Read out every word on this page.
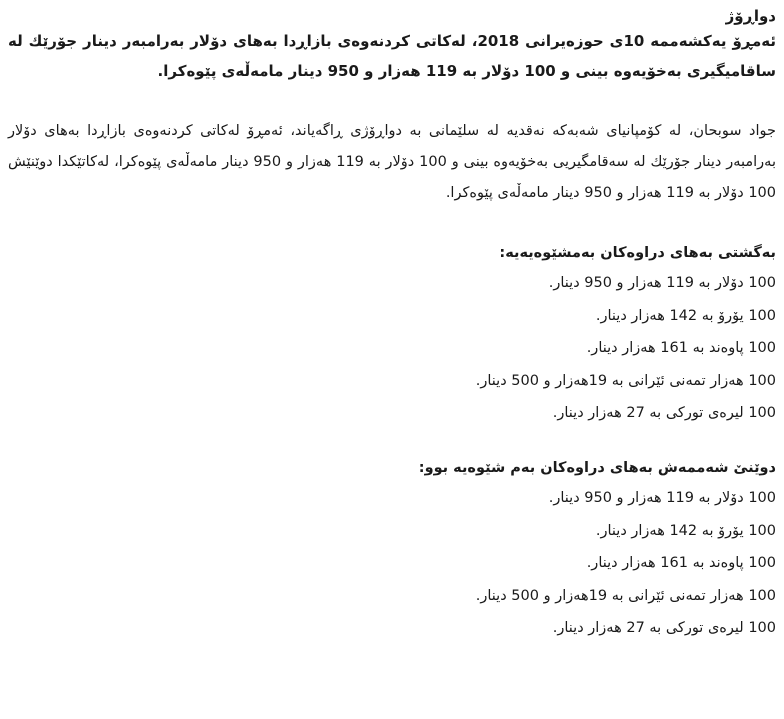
دواڕۆژ

ئەمڕۆ یەکشەممە 10ی حوزەیرانی 2018، لەکاتی کردنەوەی بازاڕدا بەهای دۆلار بەرامبەر دینار جۆرێك لە ساقامیگیری بەخۆیەوە بینی و 100 دۆلار بە 119 هەزار و 950 دینار مامەڵەی پێوەکرا.

جواد سوبحان، لە کۆمپانیای شەبەکە نەقدیە لە سلێمانی بە دواڕۆژی ڕاگەیاند، ئەمڕۆ لەکاتی کردنەوەی بازاڕدا بەهای دۆلار بەرامبەر دینار جۆرێك لە سەقامگیریی بەخۆیەوە بینی و 100 دۆلار بە 119 هەزار و 950 دینار مامەڵەی پێوەکرا، لەکاتێکدا دوێنێش 100 دۆلار بە 119 هەزار و 950 دینار مامەڵەی پێوەکرا.
بەگشتی بەهای دراوەکان بەمشێوەیەیە:
100 دۆلار بە 119 هەزار و 950 دینار.
100 یۆرۆ بە 142 هەزار دینار.
100 پاوەند بە 161 هەزار دینار.
100 هەزار تمەنی ئێرانی بە 19هەزار و 500 دینار.
100 لیرەی تورکی بە 27 هەزار دینار.
دوێنێ شەممەش بەهای دراوەکان بەم شێوەیە بوو:
100 دۆلار بە 119 هەزار و 950 دینار.
100 یۆرۆ بە 142 هەزار دینار.
100 پاوەند بە 161 هەزار دینار.
100 هەزار تمەنی ئێرانی بە 19هەزار و 500 دینار.
100 لیرەی تورکی بە 27 هەزار دینار.
